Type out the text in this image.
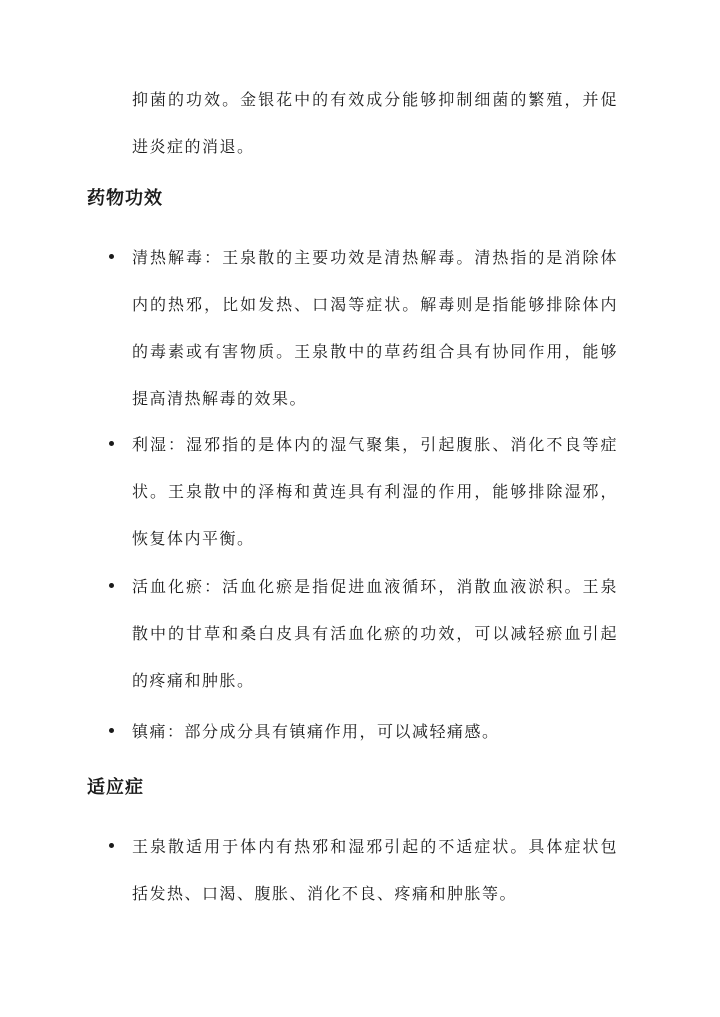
抑菌的功效。金银花中的有效成分能够抑制细菌的繁殖，并促进炎症的消退。

药物功效
清热解毒：王泉散的主要功效是清热解毒。清热指的是消除体内的热邪，比如发热、口渴等症状。解毒则是指能够排除体内的毒素或有害物质。王泉散中的草药组合具有协同作用，能够提高清热解毒的效果。
利湿：湿邪指的是体内的湿气聚集，引起腹胀、消化不良等症状。王泉散中的泽梅和黄连具有利湿的作用，能够排除湿邪，恢复体内平衡。
活血化瘀：活血化瘀是指促进血液循环，消散血液淤积。王泉散中的甘草和桑白皮具有活血化瘀的功效，可以减轻瘀血引起的疼痛和肿胀。
镇痛：部分成分具有镇痛作用，可以减轻痛感。
适应症
王泉散适用于体内有热邪和湿邪引起的不适症状。具体症状包括发热、口渴、腹胀、消化不良、疼痛和肿胀等。
